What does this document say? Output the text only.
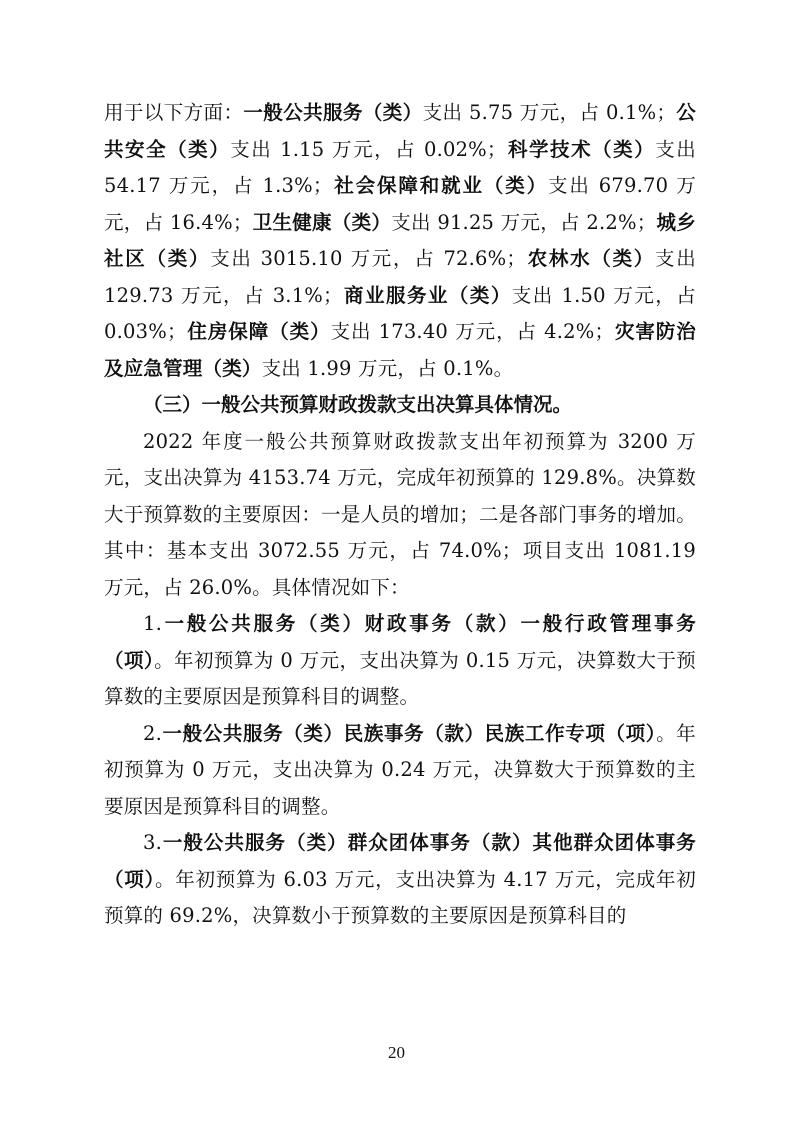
用于以下方面：一般公共服务（类）支出 5.75 万元，占 0.1%；公共安全（类）支出 1.15 万元，占 0.02%；科学技术（类）支出 54.17 万元，占 1.3%；社会保障和就业（类）支出 679.70 万元，占 16.4%；卫生健康（类）支出 91.25 万元，占 2.2%；城乡社区（类）支出 3015.10 万元，占 72.6%；农林水（类）支出 129.73 万元，占 3.1%；商业服务业（类）支出 1.50 万元，占 0.03%；住房保障（类）支出 173.40 万元，占 4.2%；灾害防治及应急管理（类）支出 1.99 万元，占 0.1%。

（三）一般公共预算财政拨款支出决算具体情况。

2022 年度一般公共预算财政拨款支出年初预算为 3200 万元，支出决算为 4153.74 万元，完成年初预算的 129.8%。决算数大于预算数的主要原因：一是人员的增加；二是各部门事务的增加。其中：基本支出 3072.55 万元，占 74.0%；项目支出 1081.19 万元，占 26.0%。具体情况如下：

1.一般公共服务（类）财政事务（款）一般行政管理事务（项）。年初预算为 0 万元，支出决算为 0.15 万元，决算数大于预算数的主要原因是预算科目的调整。

2.一般公共服务（类）民族事务（款）民族工作专项（项）。年初预算为 0 万元，支出决算为 0.24 万元，决算数大于预算数的主要原因是预算科目的调整。

3.一般公共服务（类）群众团体事务（款）其他群众团体事务（项）。年初预算为 6.03 万元，支出决算为 4.17 万元，完成年初预算的 69.2%，决算数小于预算数的主要原因是预算科目的

20
